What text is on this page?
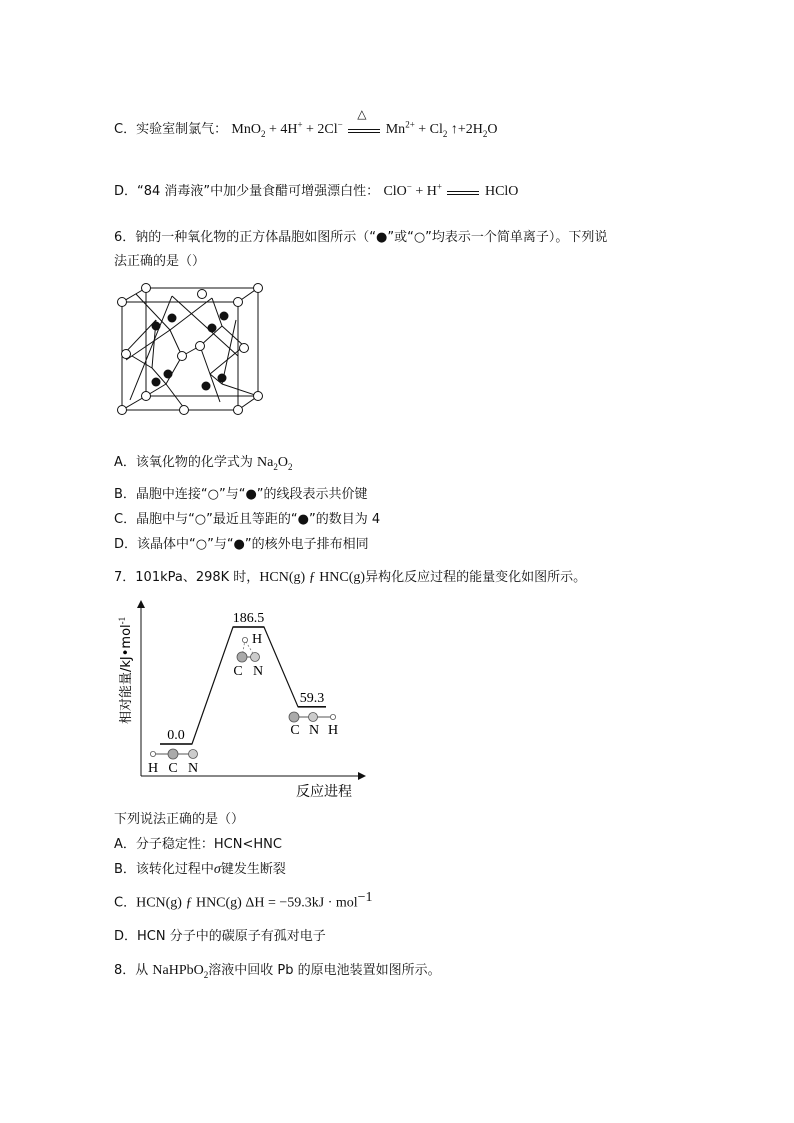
C．实验室制氯气： MnO$_2$ + 4H+ + 2Cl−
△
$Mn^{2+} + Cl_2$ $↑+2H_2O$
D．“84 消毒液”中加少量食醋可增强漂白性： ClO− + H+	HClO
6．钠的一种氧化物的正方体晶胞如图所示（“●”或“○”均表示一个简单离子）。下列说
法正确的是（）
A．该氧化物的化学式为 $Na_2O_2$
B．晶胞中连接“○”与“●”的线段表示共价键
C．晶胞中与“○”最近且等距的“●”的数目为 4
D．该晶体中“○”与“●”的核外电子排布相同
7．101kPa、298K 时，HCN(g) ƒ HNC(g)异构化反应过程的能量变化如图所示。
相对能量/kJ•mol$^{-1}$
反应进程
0.0
186.5
59.3
H C N
C N
H
C N H
下列说法正确的是（）
A．分子稳定性：HCN<HNC
B．该转化过程中σ键发生断裂
C．HCN(g) ƒ HNC(g) ΔH = −59.3kJ · mol$^{-1}$
D．HCN 分子中的碳原子有孤对电子
8．从 NaHPbO$_2$溶液中回收 Pb 的原电池装置如图所示。
